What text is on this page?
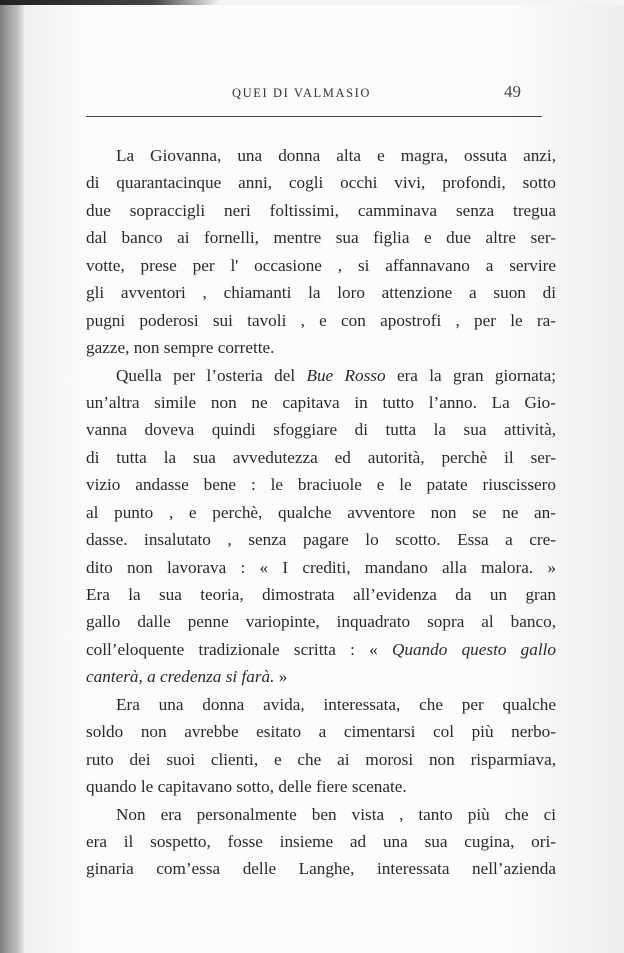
QUEI DI VALMASIO	49
La Giovanna, una donna alta e magra, ossuta anzi,
di quarantacinque anni, cogli occhi vivi, profondi, sotto
due sopraccigli neri foltissimi, camminava senza tregua
dal banco ai fornelli, mentre sua figlia e due altre ser-
votte, prese per l' occasione , si affannavano a servire
gli avventori , chiamanti la loro attenzione a suon di
pugni poderosi sui tavoli , e con apostrofi , per le ra-
gazze, non sempre corrette.
Quella per l’osteria del Bue Rosso era la gran giornata;
un’altra simile non ne capitava in tutto l’anno. La Gio-
vanna doveva quindi sfoggiare di tutta la sua attività,
di tutta la sua avvedutezza ed autorità, perchè il ser-
vizio andasse bene : le braciuole e le patate riuscissero
al punto , e perchè, qualche avventore non se ne an-
dasse. insalutato , senza pagare lo scotto. Essa a cre-
dito non lavorava : « I crediti, mandano alla malora. »
Era la sua teoria, dimostrata all’evidenza da un gran
gallo dalle penne variopinte, inquadrato sopra al banco,
coll’eloquente tradizionale scritta : « Quando questo gallo
canterà, a credenza si farà. »
Era una donna avida, interessata, che per qualche
soldo non avrebbe esitato a cimentarsi col più nerbo-
ruto dei suoi clienti, e che ai morosi non risparmiava,
quando le capitavano sotto, delle fiere scenate.
Non era personalmente ben vista , tanto più che ci
era il sospetto, fosse insieme ad una sua cugina, ori-
ginaria com’essa delle Langhe, interessata nell’azienda
